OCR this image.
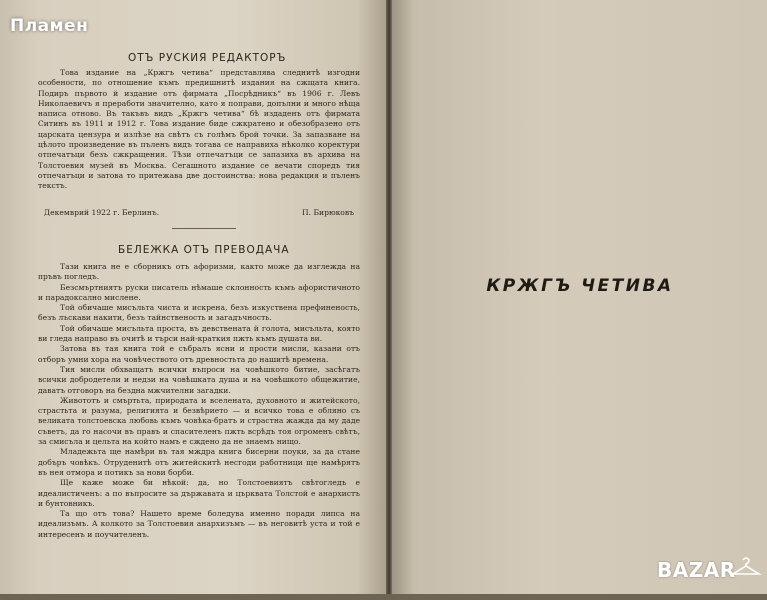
Пламен
ОТЪ РУСКИЯ РЕДАКТОРЪ

Това издание на „Кржгъ четива“ представлява следнитѣ изгодни особености, по отношение къмъ предишнитѣ издания на сжщата книга. Подиръ първото й издание отъ фирмата „Посрѣдникъ“ въ 1906 г. Левъ Николаевичъ я преработи значително, като я поправи, допълни и много нѣща написа отново. Въ такъвъ видъ „Кржгъ четива“ бѣ издаденъ отъ фирмата Ситинъ въ 1911 и 1912 г. Това издание биде сжкратено и обезобразено отъ царската цензура и излѣзе на свѣтъ съ голѣмъ брой точки. За запазване на цѣлото произведение въ пъленъ видъ тогава се направиха нѣколко коректури отпечатъци безъ сжкращения. Тѣзи отпечатъци се запазиха въ архива на Толстоевия музей въ Москва. Сегашното издание се вечати споредъ тия отпечатъци и затова то притежава две достоинства: нова редакция и пъленъ текстъ.

Декемврий 1922 г. Берлинъ.	П. Бирюковъ
БЕЛЕЖКА ОТЪ ПРЕВОДАЧА

Тази книга не е сборникъ отъ афоризми, както може да изглежда на пръвъ погледъ.

Безсмъртниятъ руски писатель нѣмаше склонность къмъ афористичното и парадоксално мислене.

Той обичаше мисъльта чиста и искрена, безъ изкуствена префиненость, безъ лъскави накити, безъ тайнственость и загадъчность.

Той обичаше мисъльта проста, въ девствената й голота, мисъльта, която ви гледа направо въ очитѣ и търси най-краткия пжть къмъ душата ви.

Затова въ тая книга той е събралъ ясни и прости мисли, казани отъ отборъ умни хора на човѣчеството отъ древностьта до нашитѣ времена.

Тия мисли обхващатъ всички въпроси на човѣшкото битие, засѣгатъ всички добродетели и недзи на човѣшката душа и на човѣшкото общежитие, даватъ отговоръ на бездна мжчителни загадки.

Живототъ и смъртьта, природата и вселената, духовното и житейското, страстьта и разума, религията и безвѣрието — и всичко това е обляно съ великата толстоевска любовь къмъ човѣка-братъ и страстна жажда да му даде съветъ, да го насочи въ правъ и спасителенъ пжть всрѣдъ тоя огроменъ свѣтъ, за смисъла и цельта на който намъ е сжденo да не знаемъ нищо.

Младежьта ще намѣри въ тая мждра книга бисерни поуки, за да стане добъръ човѣкъ. Отруденитѣ отъ житейскитѣ несгоди работници ще намѣрятъ въ нея отмора и потикъ за нови борби.

Ще каже може би нѣкой: да, но Толстоевиятъ свѣтогледъ е идеалистиченъ: а по въпросите за държавата и църквата Толстой е анархистъ и бунтовникъ.

Та що отъ това? Нашето време боледува именно поради липса на идеализъмъ. А колкото за Толстоевия анархизъмъ — въ неговитѣ уста и той е интересенъ и поучителенъ.

КРЖГЪ ЧЕТИВА
BAZAR
